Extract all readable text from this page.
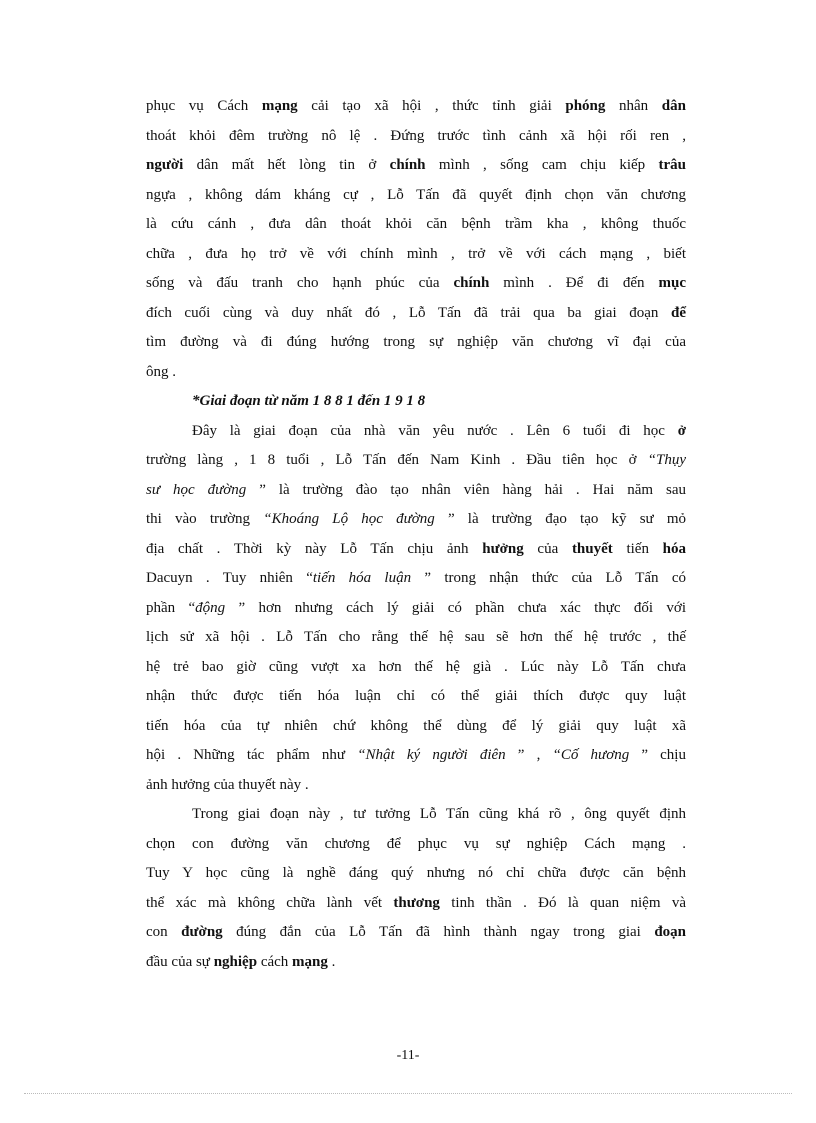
phục vụ Cách mạng cải tạo xã hội , thức tỉnh giải phóng nhân dân
thoát khỏi đêm trường nô lệ . Đứng trước tình cảnh xã hội rối ren ,
người dân mất hết lòng tin ở chính mình , sống cam chịu kiếp trâu
ngựa , không dám kháng cự , Lỗ Tấn đã quyết định chọn văn chương
là cứu cánh , đưa dân thoát khỏi căn bệnh trầm kha , không thuốc
chữa , đưa họ trở về với chính mình , trở về với cách mạng , biết
sống và đấu tranh cho hạnh phúc của chính mình . Để đi đến mục
đích cuối cùng và duy nhất đó , Lỗ Tấn đã trải qua ba giai đoạn để
tìm đường và đi đúng hướng trong sự nghiệp văn chương vĩ đại của
ông .
*Giai đoạn từ năm 1 8 8 1 đến 1 9 1 8
Đây là giai đoạn của nhà văn yêu nước . Lên 6 tuổi đi học ở
trường làng , 1 8 tuổi , Lỗ Tấn đến Nam Kinh . Đầu tiên học ở “Thụy
sư học đường ” là trường đào tạo nhân viên hàng hải . Hai năm sau
thi vào trường “Khoáng Lộ học đường ” là trường đạo tạo kỹ sư mỏ
địa chất . Thời kỳ này Lỗ Tấn chịu ảnh hưởng của thuyết tiến hóa
Dacuyn . Tuy nhiên “tiến hóa luận ” trong nhận thức của Lỗ Tấn có
phần “động ” hơn nhưng cách lý giải có phần chưa xác thực đối với
lịch sử xã hội . Lỗ Tấn cho rằng thế hệ sau sẽ hơn thế hệ trước , thế
hệ trẻ bao giờ cũng vượt xa hơn thế hệ già . Lúc này Lỗ Tấn chưa
nhận thức được tiến hóa luận chỉ có thể giải thích được quy luật
tiến hóa của tự nhiên chứ không thể dùng để lý giải quy luật xã
hội . Những tác phẩm như “Nhật ký người điên ” , “Cố hương ” chịu
ảnh hưởng của thuyết này .
Trong giai đoạn này , tư tưởng Lỗ Tấn cũng khá rõ , ông quyết định
chọn con đường văn chương để phục vụ sự nghiệp Cách mạng .
Tuy Y học cũng là nghề đáng quý nhưng nó chỉ chữa được căn bệnh
thể xác mà không chữa lành vết thương tinh thần . Đó là quan niệm và
con đường đúng đắn của Lỗ Tấn đã hình thành ngay trong giai đoạn
đầu của sự nghiệp cách mạng .
-11-
